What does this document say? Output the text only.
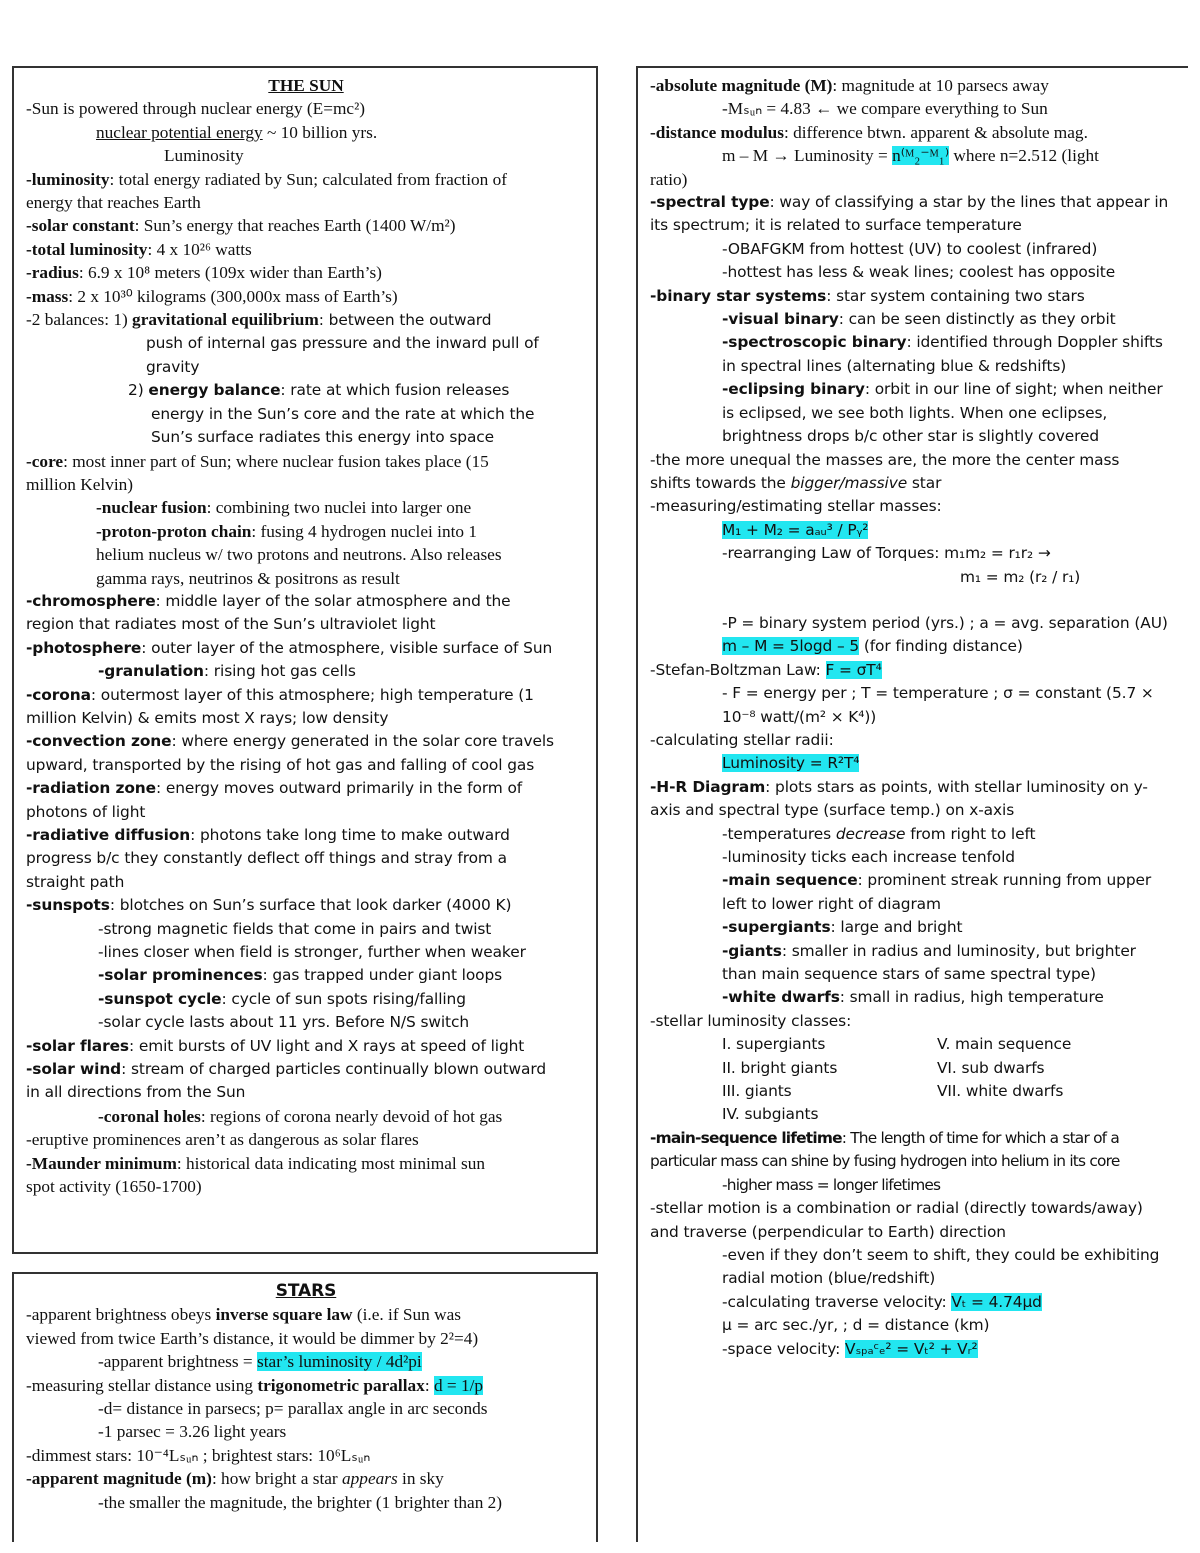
THE SUN
-Sun is powered through nuclear energy (E=mc²)
nuclear potential energy ~ 10 billion yrs.
Luminosity
-luminosity: total energy radiated by Sun; calculated from fraction of
energy that reaches Earth
-solar constant: Sun’s energy that reaches Earth (1400 W/m²)
-total luminosity: 4 x 10²⁶ watts
-radius: 6.9 x 10⁸ meters (109x wider than Earth’s)
-mass: 2 x 10³⁰ kilograms (300,000x mass of Earth’s)
-2 balances: 1) gravitational equilibrium: between the outward
push of internal gas pressure and the inward pull of
gravity
2) energy balance: rate at which fusion releases
energy in the Sun’s core and the rate at which the
Sun’s surface radiates this energy into space
-core: most inner part of Sun; where nuclear fusion takes place (15
million Kelvin)
-nuclear fusion: combining two nuclei into larger one
-proton-proton chain: fusing 4 hydrogen nuclei into 1
helium nucleus w/ two protons and neutrons. Also releases
gamma rays, neutrinos & positrons as result
-chromosphere: middle layer of the solar atmosphere and the
region that radiates most of the Sun’s ultraviolet light
-photosphere: outer layer of the atmosphere, visible surface of Sun
-granulation: rising hot gas cells
-corona: outermost layer of this atmosphere; high temperature (1
million Kelvin) & emits most X rays; low density
-convection zone: where energy generated in the solar core travels
upward, transported by the rising of hot gas and falling of cool gas
-radiation zone: energy moves outward primarily in the form of
photons of light
-radiative diffusion: photons take long time to make outward
progress b/c they constantly deflect off things and stray from a
straight path
-sunspots: blotches on Sun’s surface that look darker (4000 K)
-strong magnetic fields that come in pairs and twist
-lines closer when field is stronger, further when weaker
-solar prominences: gas trapped under giant loops
-sunspot cycle: cycle of sun spots rising/falling
-solar cycle lasts about 11 yrs. Before N/S switch
-solar flares: emit bursts of UV light and X rays at speed of light
-solar wind: stream of charged particles continually blown outward
in all directions from the Sun
-coronal holes: regions of corona nearly devoid of hot gas
-eruptive prominences aren’t as dangerous as solar flares
-Maunder minimum: historical data indicating most minimal sun
spot activity (1650-1700)
STARS
-apparent brightness obeys inverse square law (i.e. if Sun was
viewed from twice Earth’s distance, it would be dimmer by 2²=4)
-apparent brightness = star’s luminosity / 4d²pi
-measuring stellar distance using trigonometric parallax: d = 1/p
-d= distance in parsecs; p= parallax angle in arc seconds
-1 parsec = 3.26 light years
-dimmest stars: 10⁻⁴Lₛᵤₙ ; brightest stars: 10⁶Lₛᵤₙ
-apparent magnitude (m): how bright a star appears in sky
-the smaller the magnitude, the brighter (1 brighter than 2)
-absolute magnitude (M): magnitude at 10 parsecs away
-Mₛᵤₙ = 4.83 ← we compare everything to Sun
-distance modulus: difference btwn. apparent & absolute mag.
m – M → Luminosity = n⁽ᴹ₂⁻ᴹ₁⁾ where n=2.512 (light
ratio)
-spectral type: way of classifying a star by the lines that appear in
its spectrum; it is related to surface temperature
-OBAFGKM from hottest (UV) to coolest (infrared)
-hottest has less & weak lines; coolest has opposite
-binary star systems: star system containing two stars
-visual binary: can be seen distinctly as they orbit
-spectroscopic binary: identified through Doppler shifts
in spectral lines (alternating blue & redshifts)
-eclipsing binary: orbit in our line of sight; when neither
is eclipsed, we see both lights. When one eclipses,
brightness drops b/c other star is slightly covered
-the more unequal the masses are, the more the center mass
shifts towards the bigger/massive star
-measuring/estimating stellar masses:
M₁ + M₂ = aₐᵤ³ / Pᵧ²
-rearranging Law of Torques: m₁m₂ = r₁r₂ →
m₁ = m₂ (r₂ / r₁)
-P = binary system period (yrs.) ; a = avg. separation (AU)
m – M = 5logd – 5 (for finding distance)
-Stefan-Boltzman Law: F = σT⁴
- F = energy per ; T = temperature ; σ = constant (5.7 ×
10⁻⁸ watt/(m² × K⁴))
-calculating stellar radii:
Luminosity = R²T⁴
-H-R Diagram: plots stars as points, with stellar luminosity on y-
axis and spectral type (surface temp.) on x-axis
-temperatures decrease from right to left
-luminosity ticks each increase tenfold
-main sequence: prominent streak running from upper
left to lower right of diagram
-supergiants: large and bright
-giants: smaller in radius and luminosity, but brighter
than main sequence stars of same spectral type)
-white dwarfs: small in radius, high temperature
-stellar luminosity classes:
I. supergiants	V. main sequence
II. bright giants	VI. sub dwarfs
III. giants	VII. white dwarfs
IV. subgiants
-main-sequence lifetime: The length of time for which a star of a
particular mass can shine by fusing hydrogen into helium in its core
-higher mass = longer lifetimes
-stellar motion is a combination or radial (directly towards/away)
and traverse (perpendicular to Earth) direction
-even if they don’t seem to shift, they could be exhibiting
radial motion (blue/redshift)
-calculating traverse velocity: Vₜ = 4.74μd
μ = arc sec./yr, ; d = distance (km)
-space velocity: Vₛₚₐᶜₑ² = Vₜ² + Vᵣ²
